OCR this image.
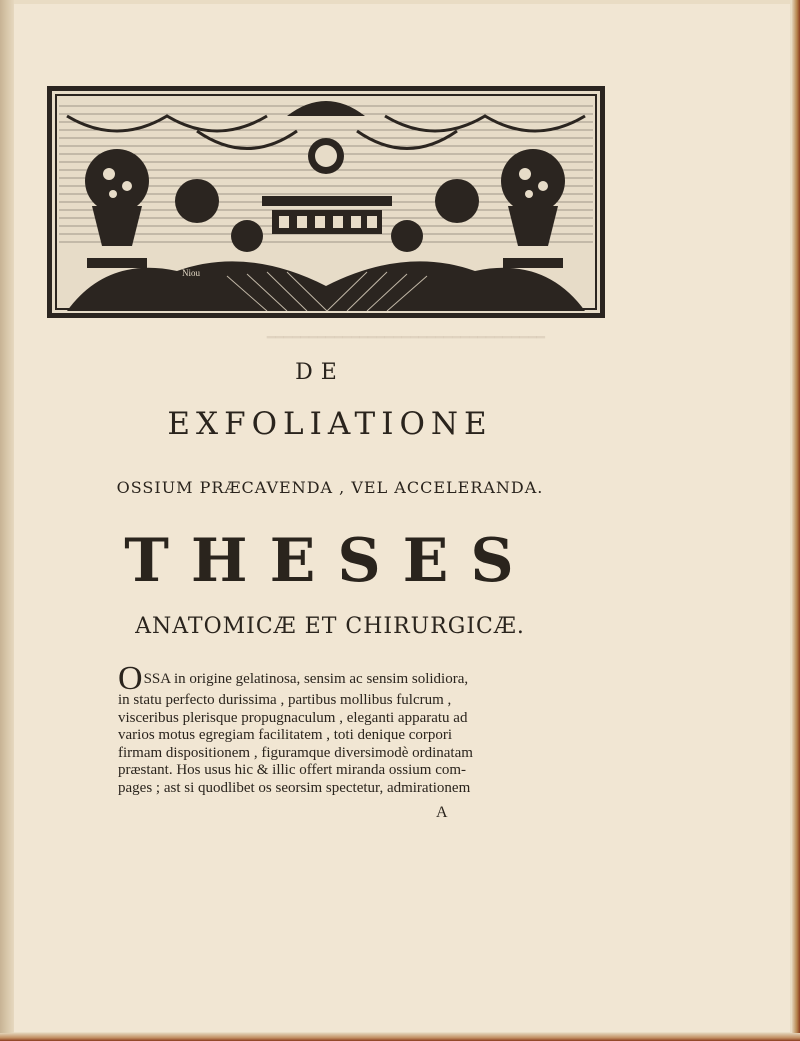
━━━━━━━━━━━━━━━━━━━━━━━━━━━━━━━━━
Niou
DE
EXFOLIATIONE
OSSIUM PRÆCAVENDA , VEL ACCELERANDA.
THESES
ANATOMICÆ ET CHIRURGICÆ.
OSSA in origine gelatinosa, sensim ac sensim solidiora,
in statu perfecto durissima , partibus mollibus fulcrum ,
visceribus plerisque propugnaculum , eleganti apparatu ad
varios motus egregiam facilitatem , toti denique corpori
firmam dispositionem , figuramque diversimodè ordinatam
præstant. Hos usus hic & illic offert miranda ossium com-
pages ; ast si quodlibet os seorsim spectetur, admirationem
A
